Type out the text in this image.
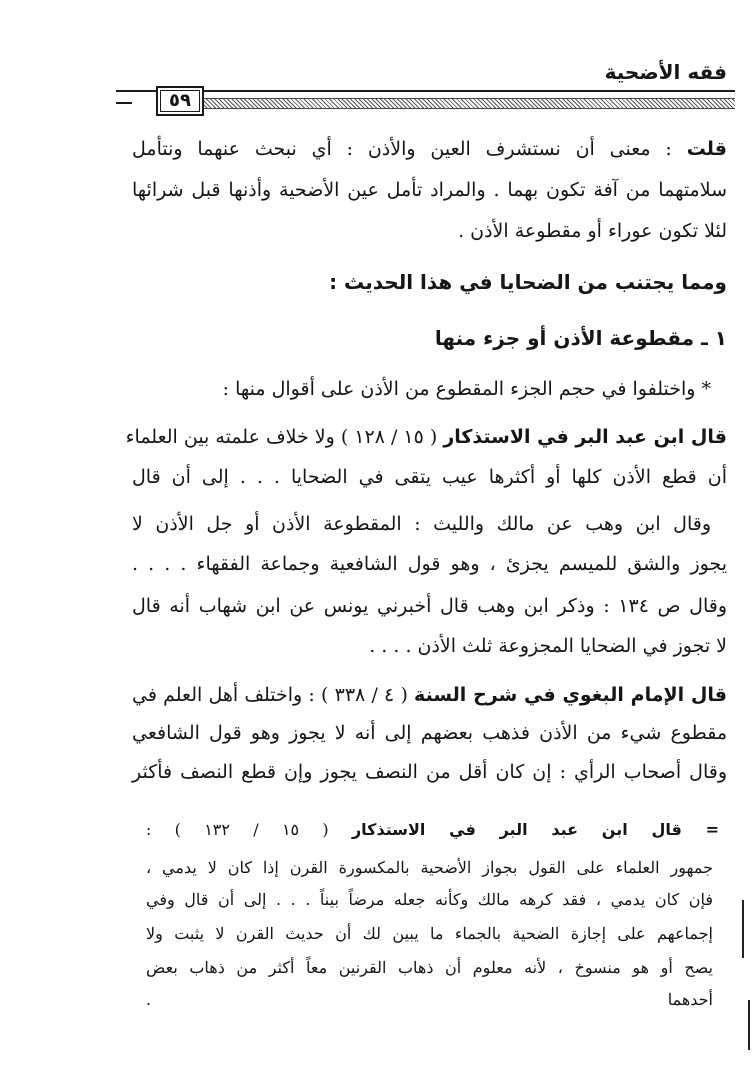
فقه الأضحية
٥٩
قلت : معنى أن نستشرف العين والأذن : أي نبحث عنهما ونتأمل
سلامتهما من آفة تكون بهما . والمراد تأمل عين الأضحية وأذنها قبل شرائها
لئلا تكون عوراء أو مقطوعة الأذن .
ومما يجتنب من الضحايا في هذا الحديث :
١ ـ مقطوعة الأذن أو جزء منها
* واختلفوا في حجم الجزء المقطوع من الأذن على أقوال منها :
قال ابن عبد البر في الاستذكار ( ١٥ / ١٢٨ ) ولا خلاف علمته بين العلماء
أن قطع الأذن كلها أو أكثرها عيب يتقى في الضحايا . . . إلى أن قال
وقال ابن وهب عن مالك والليث : المقطوعة الأذن أو جل الأذن لا
يجوز والشق للميسم يجزئ ، وهو قول الشافعية وجماعة الفقهاء . . . .
وقال ص ١٣٤ : وذكر ابن وهب قال أخبرني يونس عن ابن شهاب أنه قال
لا تجوز في الضحايا المجزوعة ثلث الأذن . . . .
قال الإمام البغوي في شرح السنة ( ٤ / ٣٣٨ ) : واختلف أهل العلم في
مقطوع شيء من الأذن فذهب بعضهم إلى أنه لا يجوز وهو قول الشافعي
وقال أصحاب الرأي : إن كان أقل من النصف يجوز وإن قطع النصف فأكثر
= قال ابن عبد البر في الاستذكار ( ١٥ / ١٣٢ ) :
جمهور العلماء على القول بجواز الأضحية بالمكسورة القرن إذا كان لا يدمي ،
فإن كان يدمي ، فقد كرهه مالك وكأنه جعله مرضاً بيناً . . . إلى أن قال وفي
إجماعهم على إجازة الضحية بالجماء ما يبين لك أن حديث القرن لا يثبت ولا
يصح أو هو منسوخ ، لأنه معلوم أن ذهاب القرنين معاً أكثر من ذهاب بعض
أحدهما .
